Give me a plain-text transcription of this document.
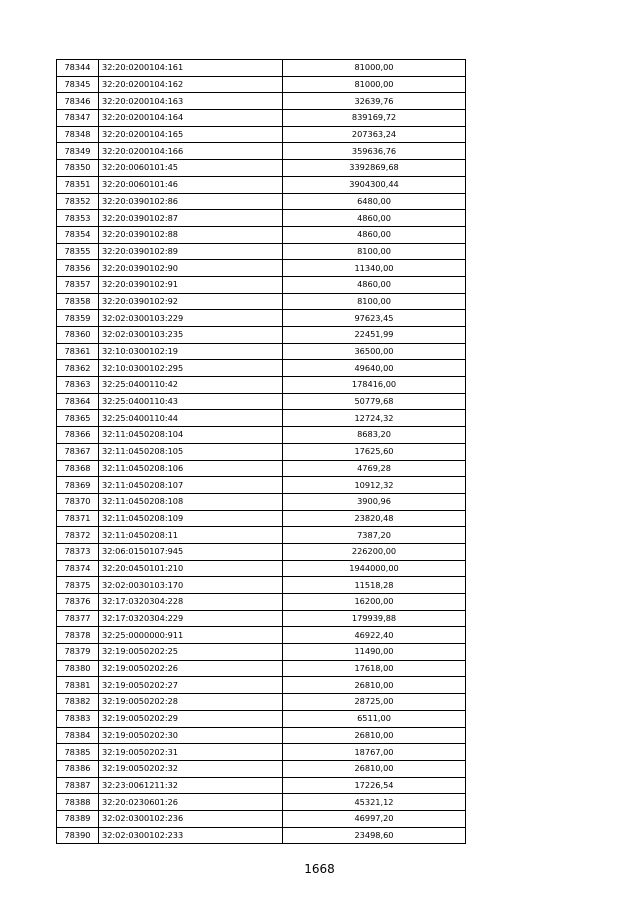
78344	32:20:0200104:161	81000,00
78345	32:20:0200104:162	81000,00
78346	32:20:0200104:163	32639,76
78347	32:20:0200104:164	839169,72
78348	32:20:0200104:165	207363,24
78349	32:20:0200104:166	359636,76
78350	32:20:0060101:45	3392869,68
78351	32:20:0060101:46	3904300,44
78352	32:20:0390102:86	6480,00
78353	32:20:0390102:87	4860,00
78354	32:20:0390102:88	4860,00
78355	32:20:0390102:89	8100,00
78356	32:20:0390102:90	11340,00
78357	32:20:0390102:91	4860,00
78358	32:20:0390102:92	8100,00
78359	32:02:0300103:229	97623,45
78360	32:02:0300103:235	22451,99
78361	32:10:0300102:19	36500,00
78362	32:10:0300102:295	49640,00
78363	32:25:0400110:42	178416,00
78364	32:25:0400110:43	50779,68
78365	32:25:0400110:44	12724,32
78366	32:11:0450208:104	8683,20
78367	32:11:0450208:105	17625,60
78368	32:11:0450208:106	4769,28
78369	32:11:0450208:107	10912,32
78370	32:11:0450208:108	3900,96
78371	32:11:0450208:109	23820,48
78372	32:11:0450208:11	7387,20
78373	32:06:0150107:945	226200,00
78374	32:20:0450101:210	1944000,00
78375	32:02:0030103:170	11518,28
78376	32:17:0320304:228	16200,00
78377	32:17:0320304:229	179939,88
78378	32:25:0000000:911	46922,40
78379	32:19:0050202:25	11490,00
78380	32:19:0050202:26	17618,00
78381	32:19:0050202:27	26810,00
78382	32:19:0050202:28	28725,00
78383	32:19:0050202:29	6511,00
78384	32:19:0050202:30	26810,00
78385	32:19:0050202:31	18767,00
78386	32:19:0050202:32	26810,00
78387	32:23:0061211:32	17226,54
78388	32:20:0230601:26	45321,12
78389	32:02:0300102:236	46997,20
78390	32:02:0300102:233	23498,60
1668
